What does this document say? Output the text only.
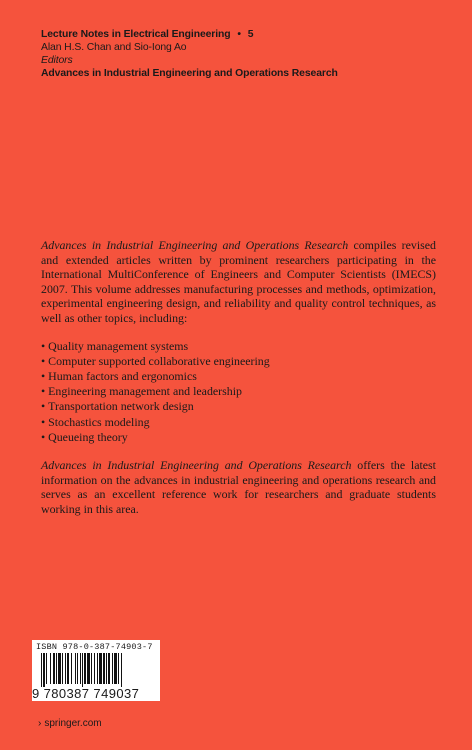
Lecture Notes in Electrical Engineering • 5
Alan H.S. Chan and Sio-Iong Ao
Editors
Advances in Industrial Engineering and Operations Research

Advances in Industrial Engineering and Operations Research compiles revised and extended articles written by prominent researchers participating in the International MultiConference of Engineers and Computer Scientists (IMECS) 2007. This volume addresses manufacturing processes and methods, optimization, experimental engineering design, and reliability and quality control techniques, as well as other topics, including:

• Quality management systems
• Computer supported collaborative engineering
• Human factors and ergonomics
• Engineering management and leadership
• Transportation network design
• Stochastics modeling
• Queueing theory

Advances in Industrial Engineering and Operations Research offers the latest information on the advances in industrial engineering and operations research and serves as an excellent reference work for researchers and graduate students working in this area.

ISBN 978-0-387-74903-7
9 780387 749037
› springer.com
